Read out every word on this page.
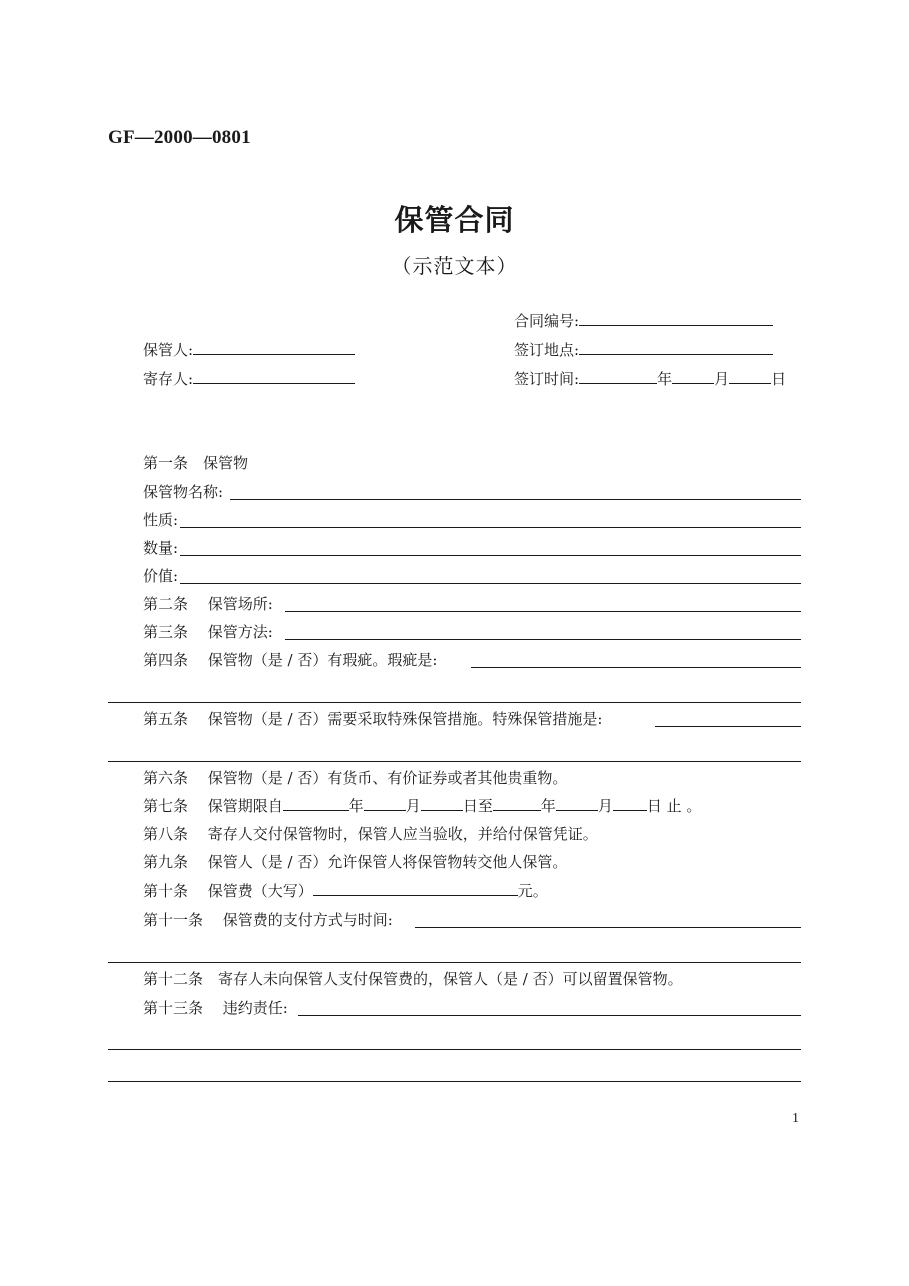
GF—2000—0801
保管合同
（示范文本）
合同编号:
保管人:	签订地点:
寄存人:	签订时间:	年	月	日
第一条　保管物
保管物名称:
性质:
数量:
价值:
第二条　 保管场所:
第三条　 保管方法:
第四条　 保管物（是 / 否）有瑕疵。瑕疵是:
第五条　 保管物（是 / 否）需要采取特殊保管措施。特殊保管措施是:
第六条　 保管物（是 / 否）有货币、有价证券或者其他贵重物。
第七条　 保管期限自	年	月	日至	年	月 日 止 。
第八条　 寄存人交付保管物时，保管人应当验收，并给付保管凭证。
第九条　 保管人（是 / 否）允许保管人将保管物转交他人保管。
第十条　 保管费（大写）	元。
第十一条　 保管费的支付方式与时间:
第十二条　寄存人未向保管人支付保管费的，保管人（是 / 否）可以留置保管物。
第十三条　 违约责任:
1
